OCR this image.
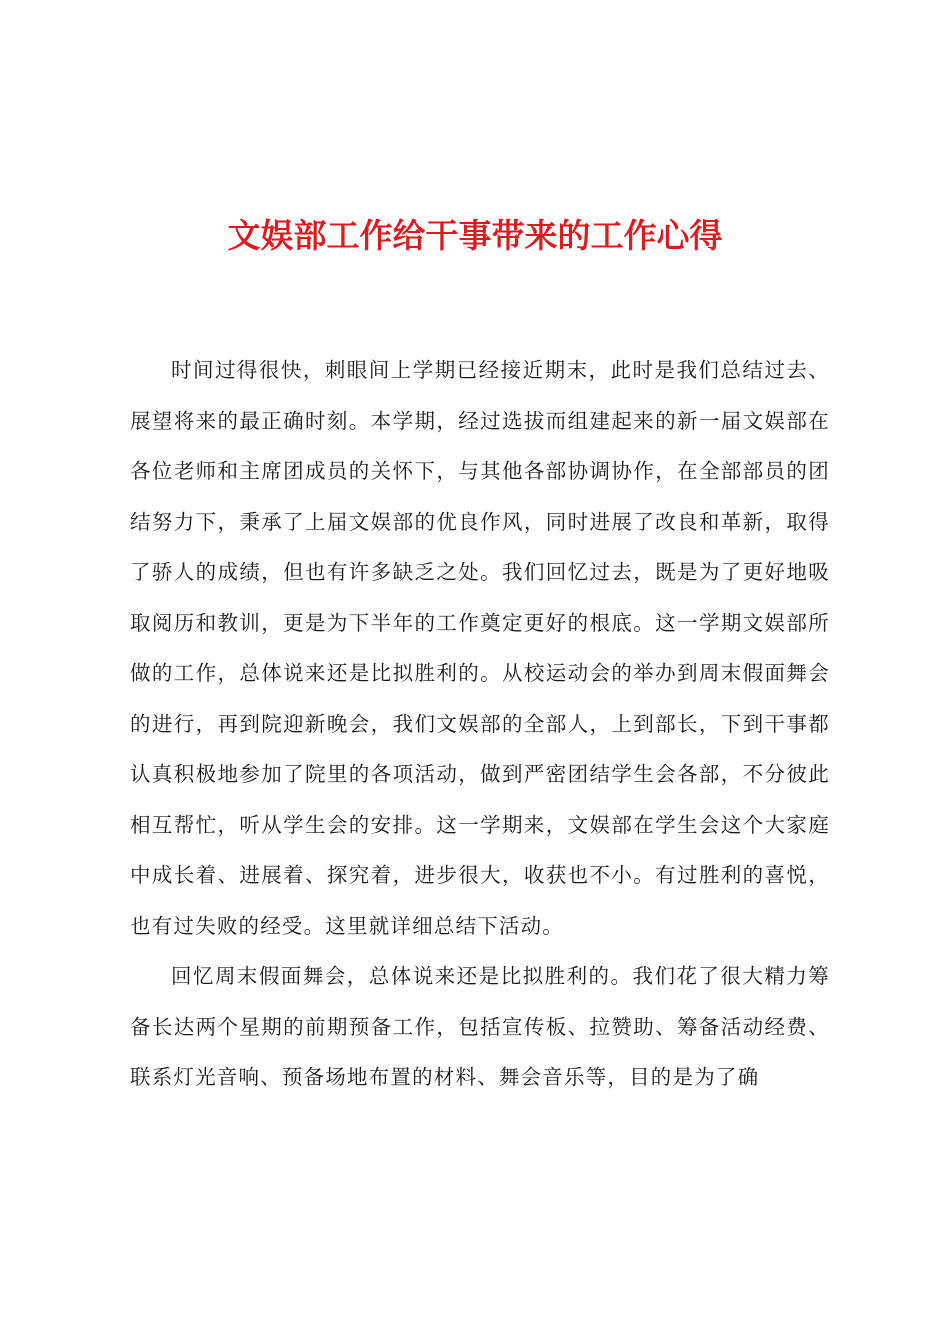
文娱部工作给干事带来的工作心得

时间过得很快，刺眼间上学期已经接近期末，此时是我们总结过去、展望将来的最正确时刻。本学期，经过选拔而组建起来的新一届文娱部在各位老师和主席团成员的关怀下，与其他各部协调协作，在全部部员的团结努力下，秉承了上届文娱部的优良作风，同时进展了改良和革新，取得了骄人的成绩，但也有许多缺乏之处。我们回忆过去，既是为了更好地吸取阅历和教训，更是为下半年的工作奠定更好的根底。这一学期文娱部所做的工作，总体说来还是比拟胜利的。从校运动会的举办到周末假面舞会的进行，再到院迎新晚会，我们文娱部的全部人，上到部长，下到干事都认真积极地参加了院里的各项活动，做到严密团结学生会各部，不分彼此相互帮忙，听从学生会的安排。这一学期来，文娱部在学生会这个大家庭中成长着、进展着、探究着，进步很大，收获也不小。有过胜利的喜悦，也有过失败的经受。这里就详细总结下活动。

回忆周末假面舞会，总体说来还是比拟胜利的。我们花了很大精力筹备长达两个星期的前期预备工作，包括宣传板、拉赞助、筹备活动经费、联系灯光音响、预备场地布置的材料、舞会音乐等，目的是为了确
